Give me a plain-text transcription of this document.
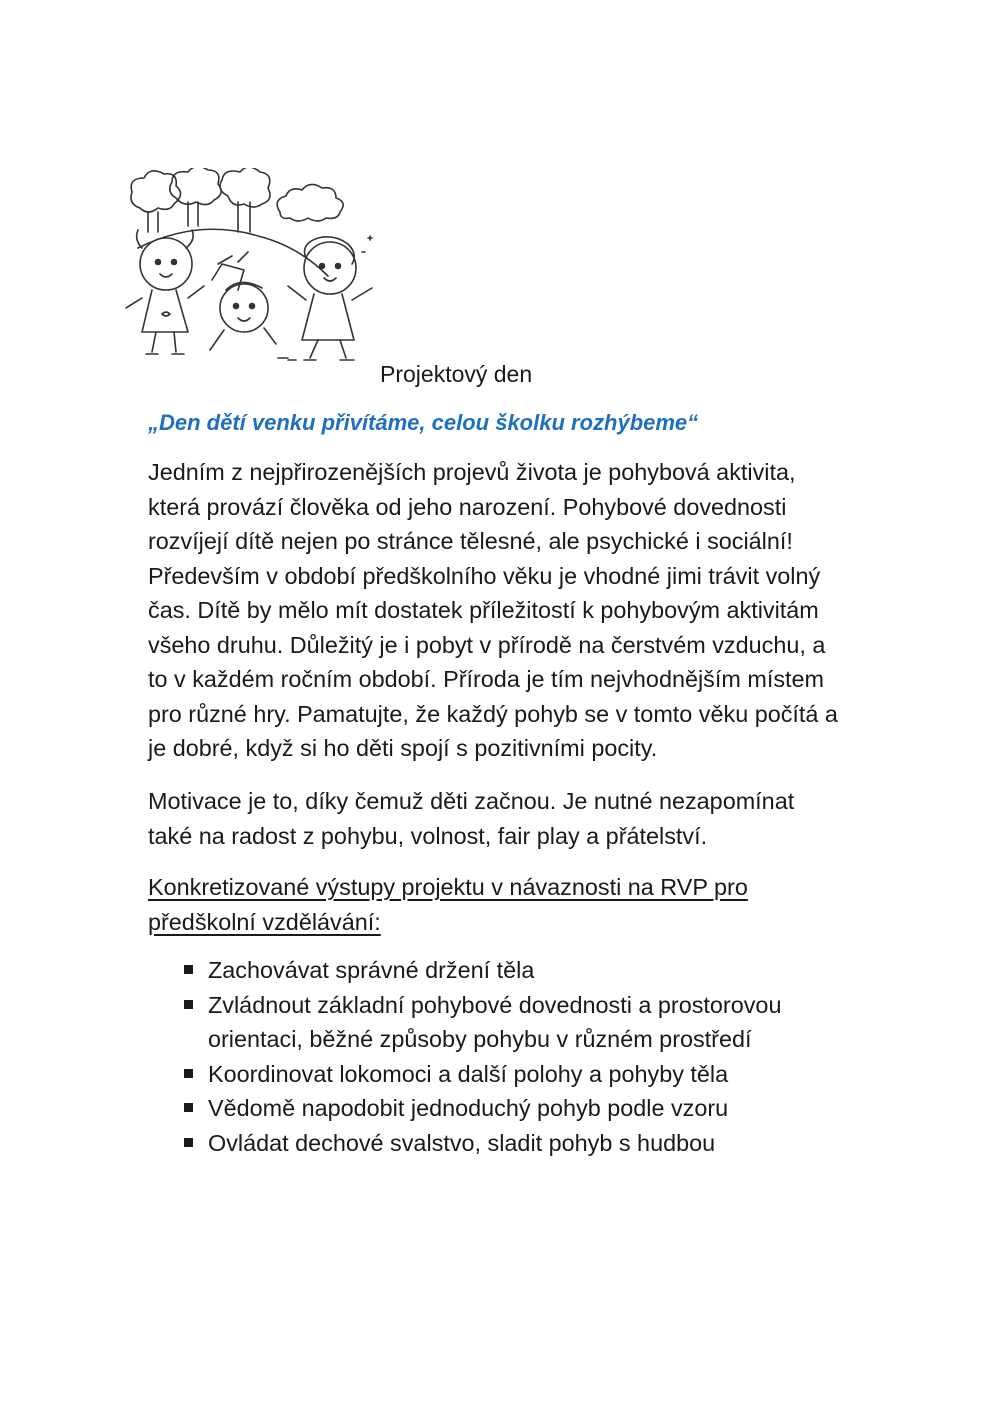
Projektový den
„Den dětí venku přivítáme, celou školku rozhýbeme“
Jedním z nejpřirozenějších projevů života je pohybová aktivita,
která provází člověka od jeho narození. Pohybové dovednosti
rozvíjejí dítě nejen po stránce tělesné, ale psychické i sociální!
Především v období předškolního věku je vhodné jimi trávit volný
čas. Dítě by mělo mít dostatek příležitostí k pohybovým aktivitám
všeho druhu. Důležitý je i pobyt v přírodě na čerstvém vzduchu, a
to v každém ročním období. Příroda je tím nejvhodnějším místem
pro různé hry. Pamatujte, že každý pohyb se v tomto věku počítá a
je dobré, když si ho děti spojí s pozitivními pocity.
Motivace je to, díky čemuž děti začnou. Je nutné nezapomínat
také na radost z pohybu, volnost, fair play a přátelství.
Konkretizované výstupy projektu v návaznosti na RVP pro
předškolní vzdělávání:
Zachovávat správné držení těla
Zvládnout základní pohybové dovednosti a prostorovou
orientaci, běžné způsoby pohybu v různém prostředí
Koordinovat lokomoci a další polohy a pohyby těla
Vědomě napodobit jednoduchý pohyb podle vzoru
Ovládat dechové svalstvo, sladit pohyb s hudbou
